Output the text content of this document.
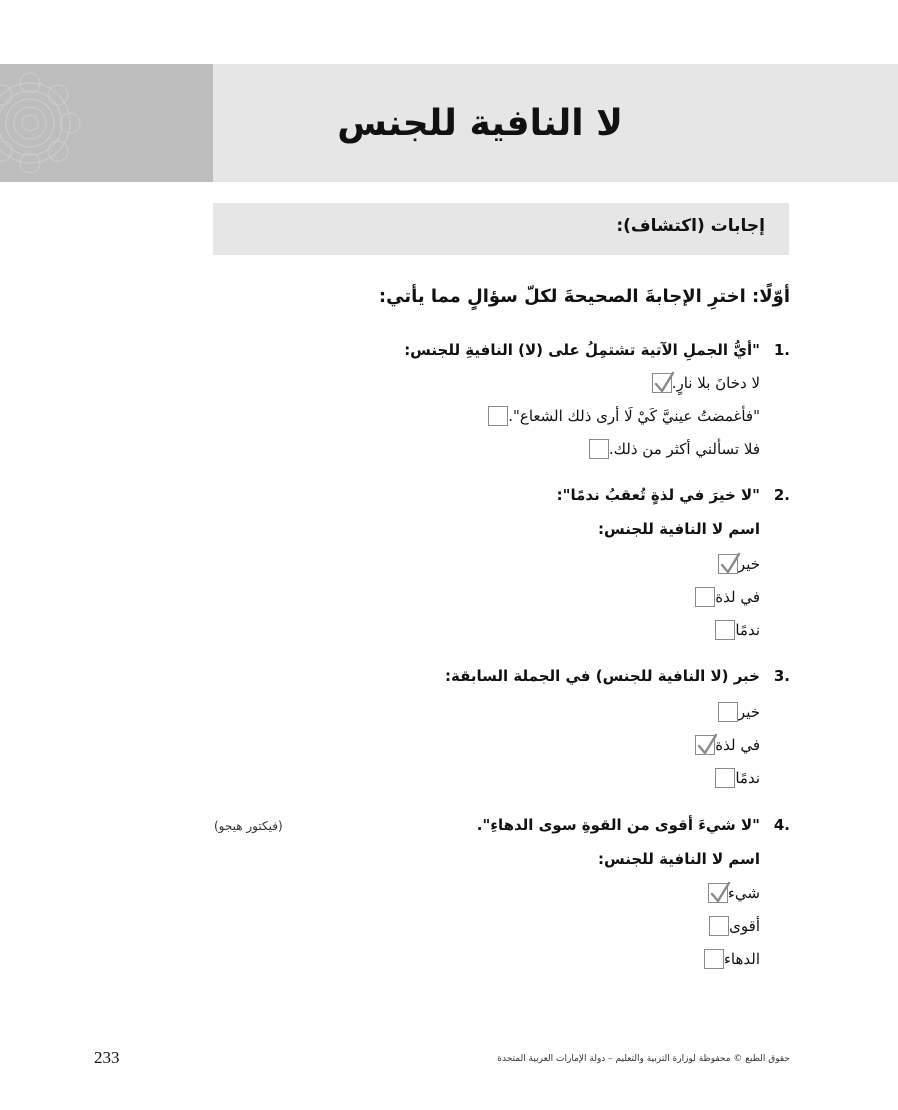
لا النافية للجنس
إجابات (اكتشاف):
أوّلًا: اخترِ الإجابةَ الصحيحةَ لكلّ سؤالٍ مما يأتي:
1.
"أيُّ الجملِ الآتية تشتمِلُ على (لا) النافيةِ للجنس:
لا دخانَ بلا نارٍ.
"فأغمضتُ عينيَّ كَيْ لَا أرى ذلك الشعاع".
فلا تسألني أكثر من ذلك.
2.
"لا خيرَ في لذةٍ تُعقبُ ندمًا":
اسم لا النافية للجنس:
خير
في لذة
ندمًا
3.
خبر (لا النافية للجنس) في الجملة السابقة:
خير
في لذة
ندمًا
4.
"لا شيءَ أقوى من القوةِ سوى الدهاءِ".
(فيكتور هيجو)
اسم لا النافية للجنس:
شيء
أقوى
الدهاء
233	حقوق الطبع © محفوظة لوزارة التربية والتعليم – دولة الإمارات العربية المتحدة
